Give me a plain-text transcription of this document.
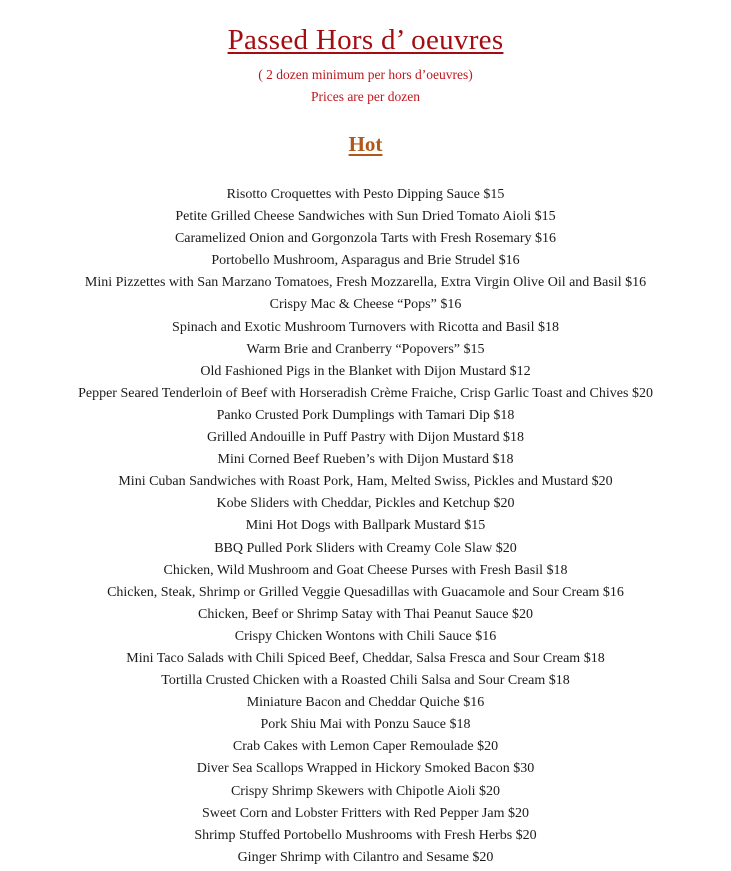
Passed Hors d’ oeuvres
( 2 dozen minimum per hors d’oeuvres)
Prices are per dozen
Hot
Risotto Croquettes with Pesto Dipping Sauce $15
Petite Grilled Cheese Sandwiches with Sun Dried Tomato Aioli $15
Caramelized Onion and Gorgonzola Tarts with Fresh Rosemary $16
Portobello Mushroom, Asparagus and Brie Strudel $16
Mini Pizzettes with San Marzano Tomatoes, Fresh Mozzarella, Extra Virgin Olive Oil and Basil $16
Crispy Mac & Cheese “Pops” $16
Spinach and Exotic Mushroom Turnovers with Ricotta and Basil $18
Warm Brie and Cranberry “Popovers” $15
Old Fashioned Pigs in the Blanket with Dijon Mustard $12
Pepper Seared Tenderloin of Beef with Horseradish Crème Fraiche, Crisp Garlic Toast and Chives $20
Panko Crusted Pork Dumplings with Tamari Dip $18
Grilled Andouille in Puff Pastry with Dijon Mustard $18
Mini Corned Beef Rueben’s with Dijon Mustard $18
Mini Cuban Sandwiches with Roast Pork, Ham, Melted Swiss, Pickles and Mustard $20
Kobe Sliders with Cheddar, Pickles and Ketchup $20
Mini Hot Dogs with Ballpark Mustard $15
BBQ Pulled Pork Sliders with Creamy Cole Slaw $20
Chicken, Wild Mushroom and Goat Cheese Purses with Fresh Basil $18
Chicken, Steak, Shrimp or Grilled Veggie Quesadillas with Guacamole and Sour Cream $16
Chicken, Beef or Shrimp Satay with Thai Peanut Sauce $20
Crispy Chicken Wontons with Chili Sauce $16
Mini Taco Salads with Chili Spiced Beef, Cheddar, Salsa Fresca and Sour Cream $18
Tortilla Crusted Chicken with a Roasted Chili Salsa and Sour Cream $18
Miniature Bacon and Cheddar Quiche $16
Pork Shiu Mai with Ponzu Sauce $18
Crab Cakes with Lemon Caper Remoulade $20
Diver Sea Scallops Wrapped in Hickory Smoked Bacon $30
Crispy Shrimp Skewers with Chipotle Aioli $20
Sweet Corn and Lobster Fritters with Red Pepper Jam $20
Shrimp Stuffed Portobello Mushrooms with Fresh Herbs $20
Ginger Shrimp with Cilantro and Sesame $20
